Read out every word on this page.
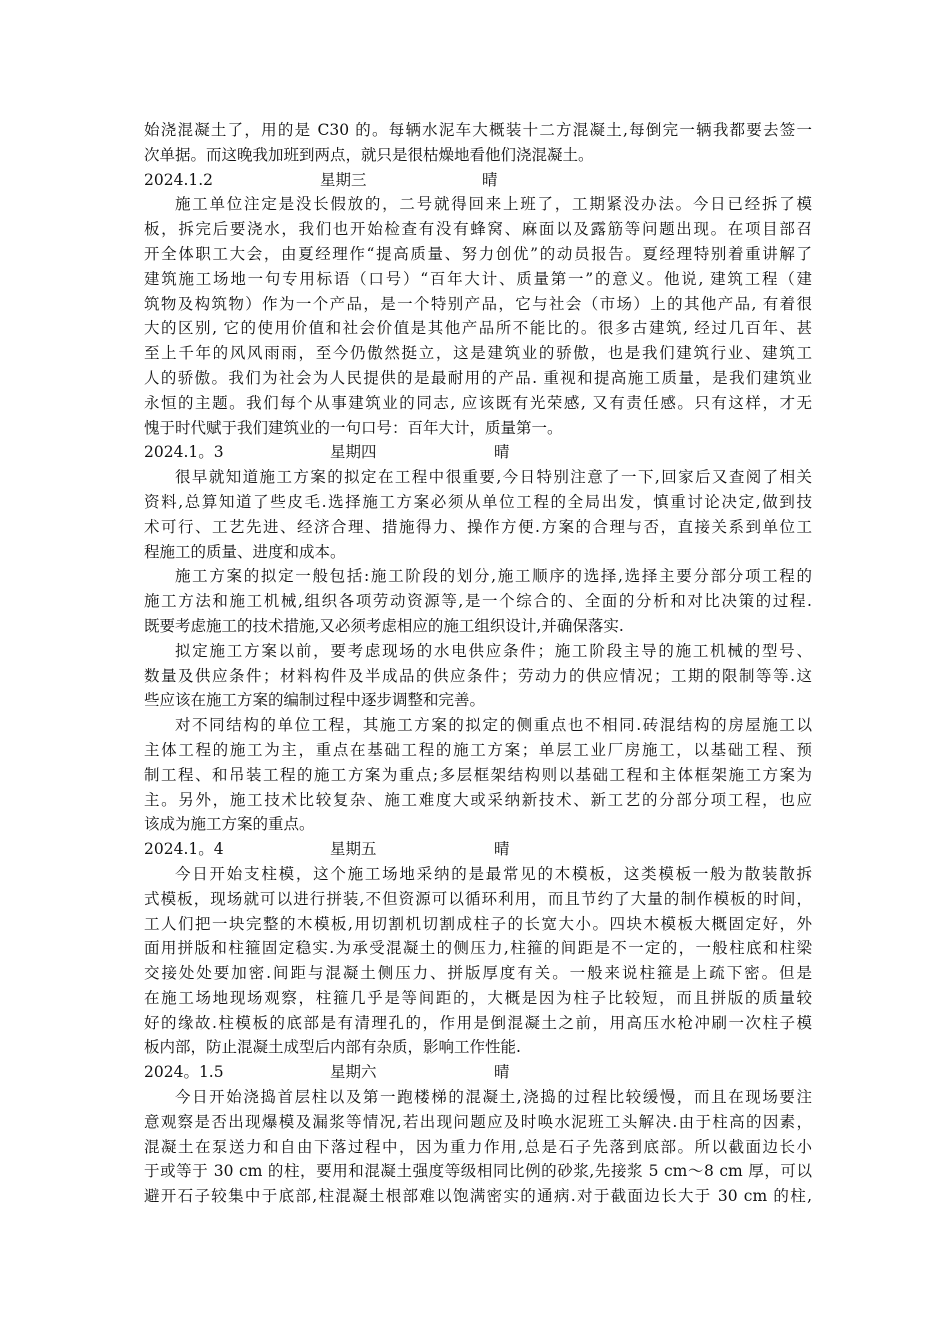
始浇混凝土了，用的是 C30 的。每辆水泥车大概装十二方混凝土,每倒完一辆我都要去签一
次单据。而这晚我加班到两点，就只是很枯燥地看他们浇混凝土。
2024.1.2	星期三	晴
施工单位注定是没长假放的，二号就得回来上班了，工期紧没办法。今日已经拆了模
板，拆完后要浇水，我们也开始检查有没有蜂窝、麻面以及露筋等问题出现。在项目部召
开全体职工大会，由夏经理作“提高质量、努力创优”的动员报告。夏经理特别着重讲解了
建筑施工场地一句专用标语（口号）“百年大计、质量第一”的意义。他说, 建筑工程（建
筑物及构筑物）作为一个产品，是一个特别产品，它与社会（市场）上的其他产品, 有着很
大的区别, 它的使用价值和社会价值是其他产品所不能比的。很多古建筑, 经过几百年、甚
至上千年的风风雨雨，至今仍傲然挺立，这是建筑业的骄傲，也是我们建筑行业、建筑工
人的骄傲。我们为社会为人民提供的是最耐用的产品. 重视和提高施工质量，是我们建筑业
永恒的主题。我们每个从事建筑业的同志, 应该既有光荣感, 又有责任感。只有这样，才无
愧于时代赋于我们建筑业的一句口号：百年大计，质量第一。
2024.1。3	星期四	晴
很早就知道施工方案的拟定在工程中很重要,今日特别注意了一下,回家后又查阅了相关
资料,总算知道了些皮毛.选择施工方案必须从单位工程的全局出发，慎重讨论决定,做到技
术可行、工艺先进、经济合理、措施得力、操作方便.方案的合理与否，直接关系到单位工
程施工的质量、进度和成本。
施工方案的拟定一般包括:施工阶段的划分,施工顺序的选择,选择主要分部分项工程的
施工方法和施工机械,组织各项劳动资源等,是一个综合的、全面的分析和对比决策的过程.
既要考虑施工的技术措施,又必须考虑相应的施工组织设计,并确保落实.
拟定施工方案以前，要考虑现场的水电供应条件；施工阶段主导的施工机械的型号、
数量及供应条件；材料构件及半成品的供应条件；劳动力的供应情况；工期的限制等等.这
些应该在施工方案的编制过程中逐步调整和完善。
对不同结构的单位工程，其施工方案的拟定的侧重点也不相同.砖混结构的房屋施工以
主体工程的施工为主，重点在基础工程的施工方案；单层工业厂房施工，以基础工程、预
制工程、和吊装工程的施工方案为重点;多层框架结构则以基础工程和主体框架施工方案为
主。另外，施工技术比较复杂、施工难度大或采纳新技术、新工艺的分部分项工程，也应
该成为施工方案的重点。
2024.1。4	星期五	晴
今日开始支柱模，这个施工场地采纳的是最常见的木模板，这类模板一般为散装散拆
式模板，现场就可以进行拼装,不但资源可以循环利用，而且节约了大量的制作模板的时间，
工人们把一块完整的木模板,用切割机切割成柱子的长宽大小。四块木模板大概固定好，外
面用拼版和柱箍固定稳实.为承受混凝土的侧压力,柱箍的间距是不一定的，一般柱底和柱梁
交接处处要加密.间距与混凝土侧压力、拼版厚度有关。一般来说柱箍是上疏下密。但是
在施工场地现场观察，柱箍几乎是等间距的，大概是因为柱子比较短，而且拼版的质量较
好的缘故.柱模板的底部是有清理孔的，作用是倒混凝土之前，用高压水枪冲刷一次柱子模
板内部，防止混凝土成型后内部有杂质，影响工作性能.
2024。1.5	星期六	晴
今日开始浇捣首层柱以及第一跑楼梯的混凝土,浇捣的过程比较缓慢，而且在现场要注
意观察是否出现爆模及漏浆等情况,若出现问题应及时唤水泥班工头解决.由于柱高的因素，
混凝土在泵送力和自由下落过程中，因为重力作用,总是石子先落到底部。所以截面边长小
于或等于 30 cm 的柱，要用和混凝土强度等级相同比例的砂浆,先接浆 5 cm～8 cm 厚，可以
避开石子较集中于底部,柱混凝土根部难以饱满密实的通病.对于截面边长大于 30 cm 的柱,
